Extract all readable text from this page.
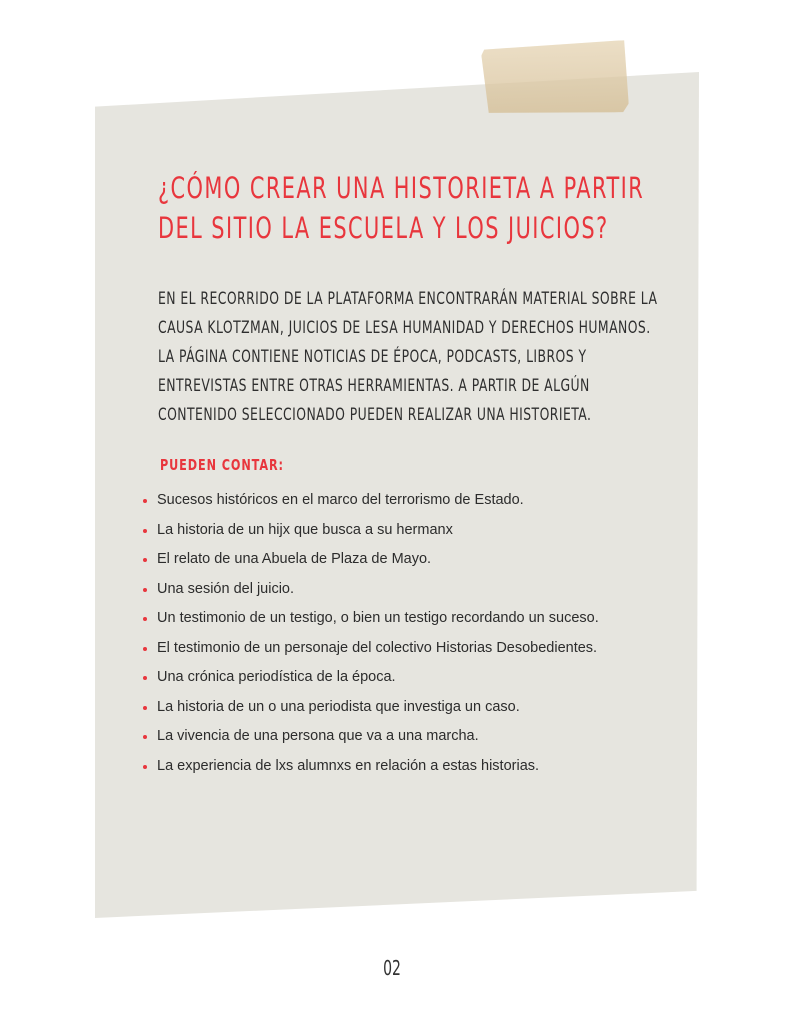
¿CÓMO CREAR UNA HISTORIETA A PARTIR
DEL SITIO LA ESCUELA Y LOS JUICIOS?

EN EL RECORRIDO DE LA PLATAFORMA ENCONTRARÁN MATERIAL SOBRE LA
CAUSA KLOTZMAN, JUICIOS DE LESA HUMANIDAD Y DERECHOS HUMANOS.
LA PÁGINA CONTIENE NOTICIAS DE ÉPOCA, PODCASTS, LIBROS Y
ENTREVISTAS ENTRE OTRAS HERRAMIENTAS. A PARTIR DE ALGÚN
CONTENIDO SELECCIONADO PUEDEN REALIZAR UNA HISTORIETA.

PUEDEN CONTAR:
Sucesos históricos en el marco del terrorismo de Estado.
La historia de un hijx que busca a su hermanx
El relato de una Abuela de Plaza de Mayo.
Una sesión del juicio.
Un testimonio de un testigo, o bien un testigo recordando un suceso.
El testimonio de un personaje del colectivo Historias Desobedientes.
Una crónica periodística de la época.
La historia de un o una periodista que investiga un caso.
La vivencia de una persona que va a una marcha.
La experiencia de lxs alumnxs en relación a estas historias.
02
